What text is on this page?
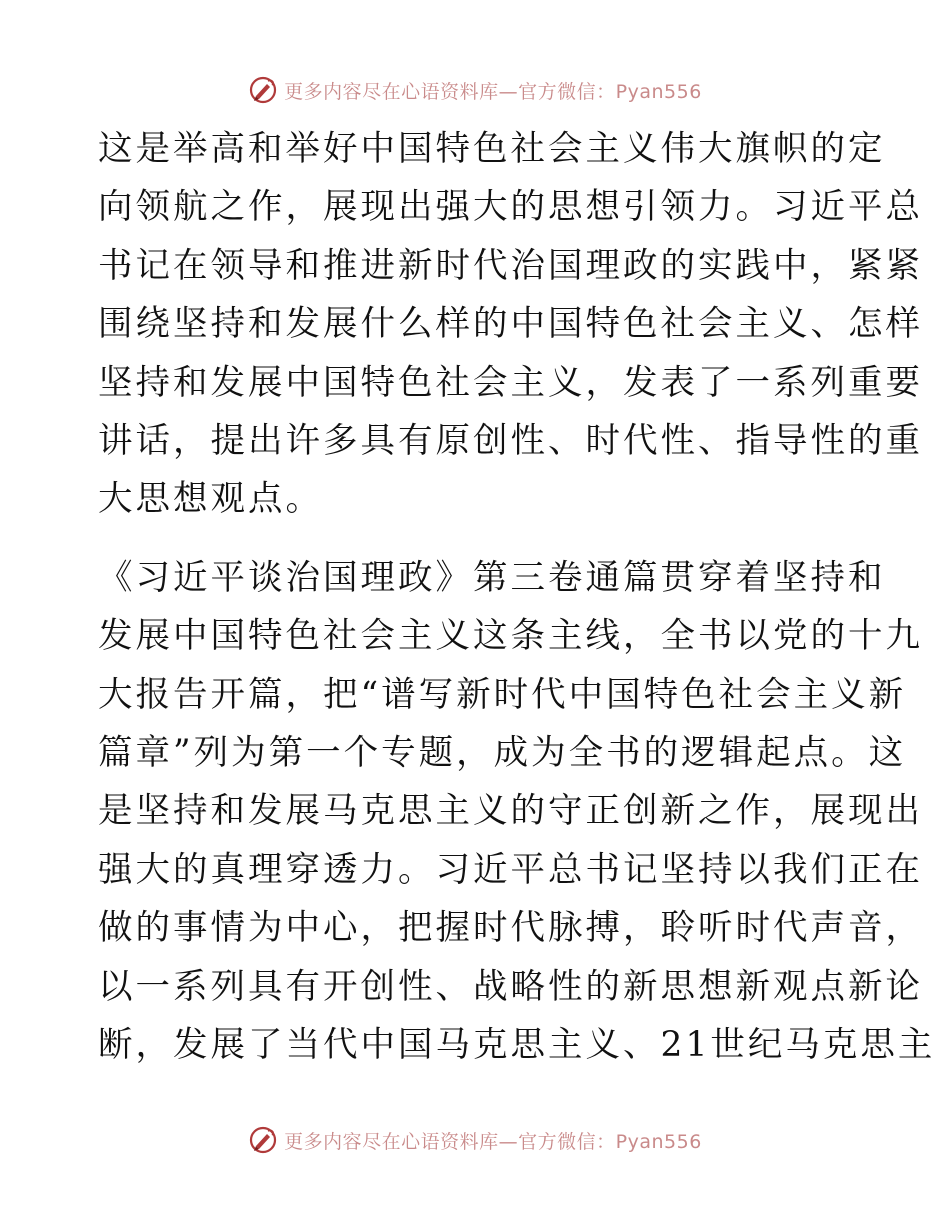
更多内容尽在心语资料库—官方微信：Pyan556

这是举高和举好中国特色社会主义伟大旗帜的定
向领航之作，展现出强大的思想引领力。习近平总
书记在领导和推进新时代治国理政的实践中，紧紧
围绕坚持和发展什么样的中国特色社会主义、怎样
坚持和发展中国特色社会主义，发表了一系列重要
讲话，提出许多具有原创性、时代性、指导性的重
大思想观点。

《习近平谈治国理政》第三卷通篇贯穿着坚持和
发展中国特色社会主义这条主线，全书以党的十九
大报告开篇，把“谱写新时代中国特色社会主义新
篇章”列为第一个专题，成为全书的逻辑起点。这
是坚持和发展马克思主义的守正创新之作，展现出
强大的真理穿透力。习近平总书记坚持以我们正在
做的事情为中心，把握时代脉搏，聆听时代声音，
以一系列具有开创性、战略性的新思想新观点新论
断，发展了当代中国马克思主义、21世纪马克思主

更多内容尽在心语资料库—官方微信：Pyan556
